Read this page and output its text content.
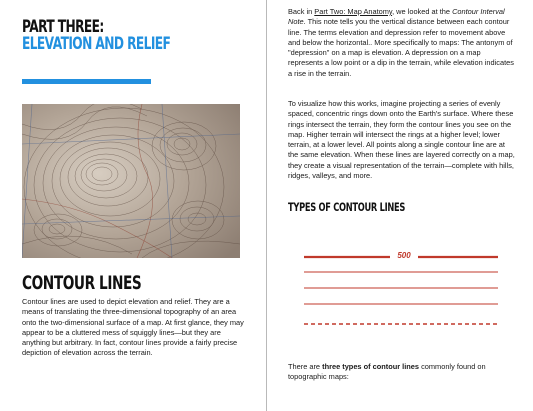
PART THREE:
ELEVATION AND RELIEF
CONTOUR LINES

Contour lines are used to depict elevation and relief. They are a means of translating the three-dimensional topography of an area onto the two-dimensional surface of a map. At first glance, they may appear to be a cluttered mess of squiggly lines—but they are anything but arbitrary. In fact, contour lines provide a fairly precise depiction of elevation across the terrain.

Back in Part Two: Map Anatomy, we looked at the Contour Interval Note. This note tells you the vertical distance between each contour line. The terms elevation and depression refer to movement above and below the horizontal.. More specifically to maps: The antonym of "depression" on a map is elevation. A depression on a map represents a low point or a dip in the terrain, while elevation indicates a rise in the terrain.

To visualize how this works, imagine projecting a series of evenly spaced, concentric rings down onto the Earth's surface. Where these rings intersect the terrain, they form the contour lines you see on the map. Higher terrain will intersect the rings at a higher level; lower terrain, at a lower level. All points along a single contour line are at the same elevation. When these lines are layered correctly on a map, they create a visual representation of the terrain—complete with hills, ridges, valleys, and more.

TYPES OF CONTOUR LINES
500

There are three types of contour lines commonly found on topographic maps:
